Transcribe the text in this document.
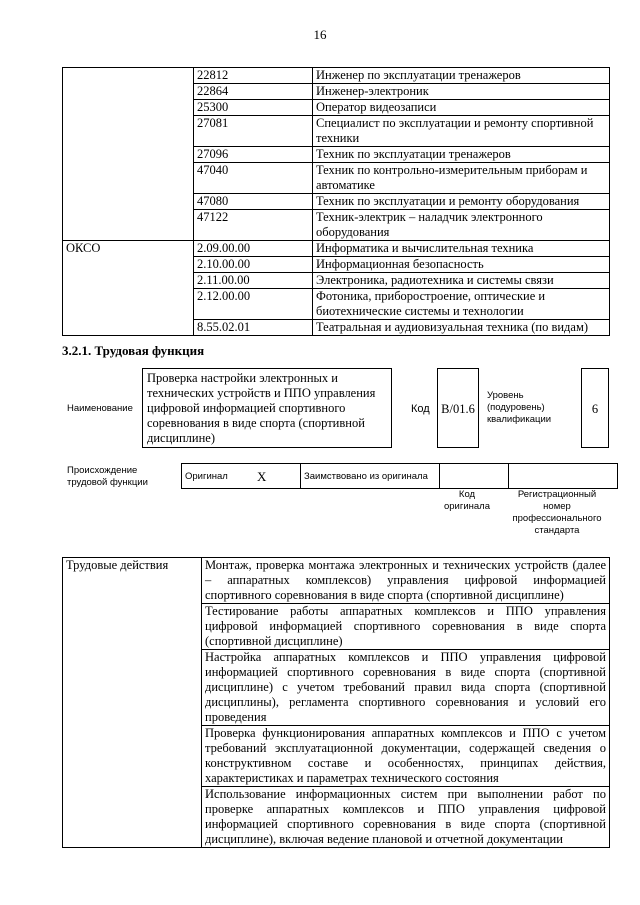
16
	22812	Инженер по эксплуатации тренажеров
	22864	Инженер-электроник
	25300	Оператор видеозаписи
	27081	Специалист по эксплуатации и ремонту спортивной техники
	27096	Техник по эксплуатации тренажеров
	47040	Техник по контрольно-измерительным приборам и автоматике
	47080	Техник по эксплуатации и ремонту оборудования
	47122	Техник-электрик – наладчик электронного оборудования
ОКСО	2.09.00.00	Информатика и вычислительная техника
	2.10.00.00	Информационная безопасность
	2.11.00.00	Электроника, радиотехника и системы связи
	2.12.00.00	Фотоника, приборостроение, оптические и биотехнические системы и технологии
	8.55.02.01	Театральная и аудиовизуальная техника (по видам)
3.2.1. Трудовая функция
Наименование
Проверка настройки электронных и технических устройств и ППО управления цифровой информацией спортивного соревнования в виде спорта (спортивной дисциплине)
Код B/01.6
Уровень (подуровень) квалификации
6
Происхождение трудовой функции
Оригинал	X	Заимствовано из оригинала		
Код оригинала
Регистрационный номер профессионального стандарта
Трудовые действия	Монтаж, проверка монтажа электронных и технических устройств (далее – аппаратных комплексов) управления цифровой информацией спортивного соревнования в виде спорта (спортивной дисциплине)
Тестирование работы аппаратных комплексов и ППО управления цифровой информацией спортивного соревнования в виде спорта (спортивной дисциплине)
Настройка аппаратных комплексов и ППО управления цифровой информацией спортивного соревнования в виде спорта (спортивной дисциплине) с учетом требований правил вида спорта (спортивной дисциплины), регламента спортивного соревнования и условий его проведения
Проверка функционирования аппаратных комплексов и ППО с учетом требований эксплуатационной документации, содержащей сведения о конструктивном составе и особенностях, принципах действия, характеристиках и параметрах технического состояния
Использование информационных систем при выполнении работ по проверке аппаратных комплексов и ППО управления цифровой информацией спортивного соревнования в виде спорта (спортивной дисциплине), включая ведение плановой и отчетной документации
